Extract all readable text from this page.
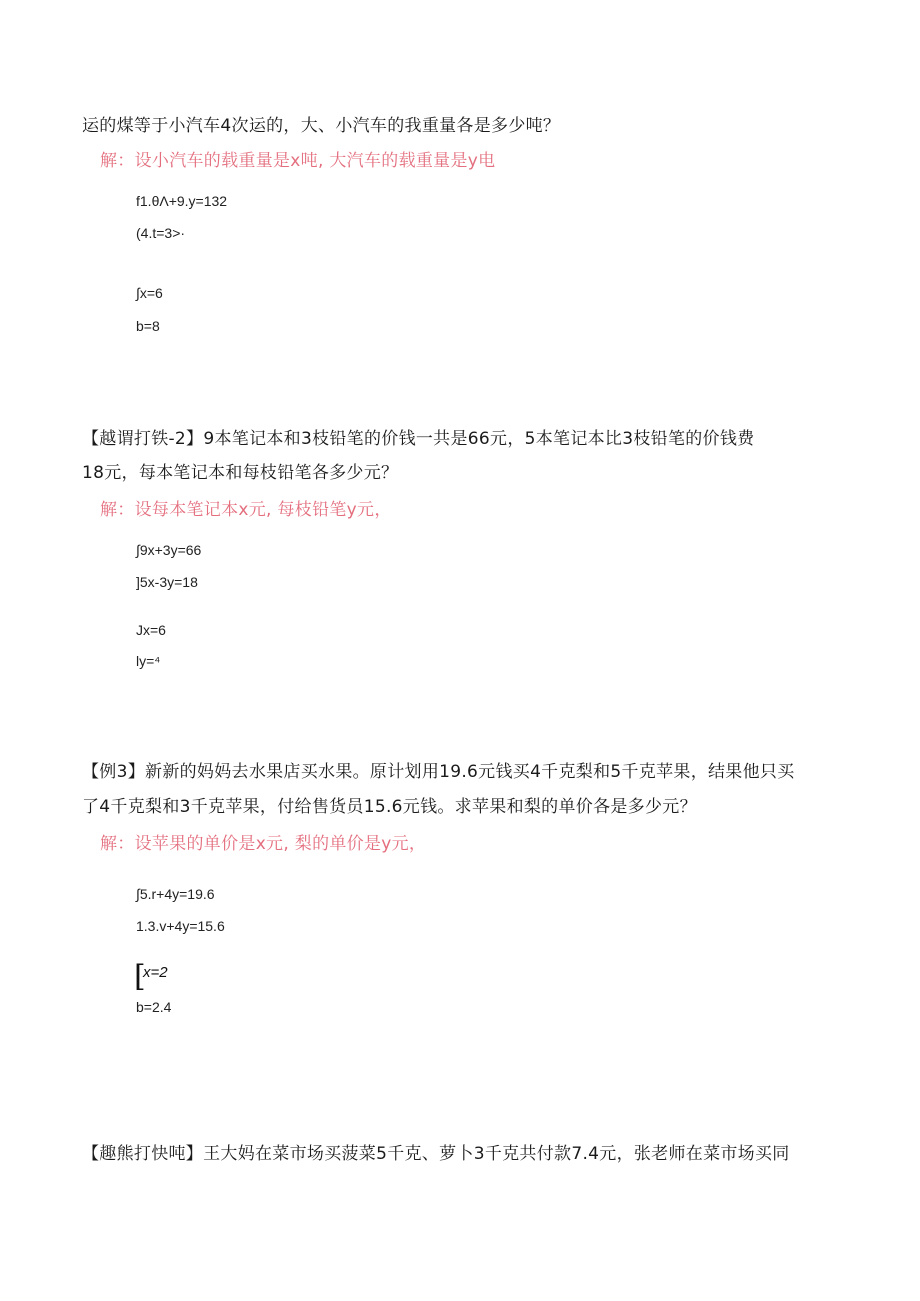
运的煤等于小汽车4次运的，大、小汽车的我重量各是多少吨？
解：设小汽车的载重量是x吨, 大汽车的载重量是y电
f1.θΛ+9.y=132
(4.t=3>·
∫x=6
b=8
【越谓打铁-2】9本笔记本和3枝铅笔的价钱一共是66元，5本笔记本比3枝铅笔的价钱费
18元，每本笔记本和每枝铅笔各多少元？
解：设每本笔记本x元, 每枝铅笔y元，
∫9x+3y=66
]5x-3y=18
Jx=6
ly=⁴
【例3】新新的妈妈去水果店买水果。原计划用19.6元钱买4千克梨和5千克苹果，结果他只买
了4千克梨和3千克苹果，付给售货员15.6元钱。求苹果和梨的单价各是多少元？
解：设苹果的单价是x元, 梨的单价是y元，
∫5.r+4y=19.6
1.3.v+4y=15.6
[
x=2
b=2.4
【趣熊打快吨】王大妈在菜市场买菠菜5千克、萝卜3千克共付款7.4元，张老师在菜市场买同
